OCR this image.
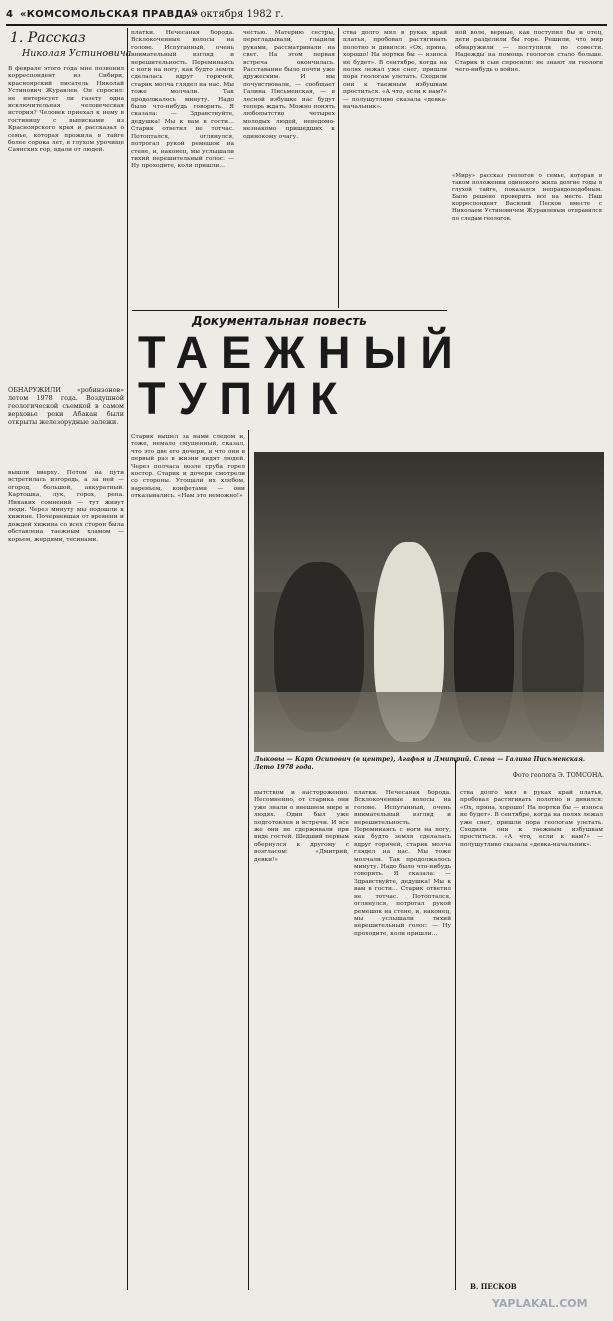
4 «КОМСОМОЛЬСКАЯ ПРАВДА»
9 октября 1982 г.
1. Рассказ
Николая Устиновича
В феврале этого года мне позвонил корреспондент из Сибири, красноярский писатель Николай Устинович Журавлев. Он спросил: не интересует ли газету одна исключительная человеческая история? Человек приехал к нему в гостиницу с выписками из Красноярского края и рассказал о семье, которая прожила в тайге более сорока лет, в глухом урочище Саянских гор, вдали от людей.
платки. Нечесаная борода. Всклокоченные волосы на голове. Испуганный, очень внимательный взгляд и нерешительность. Переминаясь с ноги на ногу, как будто земля сделалась вдруг горячей, старик молча глядел на нас. Мы тоже молчали. Так продолжалось минуту. Надо было что-нибудь говорить. Я сказала: — Здравствуйте, дедушка! Мы к вам в гости… Старик ответил не тотчас. Потоптался, оглянулся, потрогал рукой ремешок на стене, и, наконец, мы услышали тихий нерешительный голос: — Ну проходите, коли пришли…
честью. Материю сестры, перегладывали, гладили руками, рассматривали на свет. На этом первая встреча окончилась. Расставание было почти уже дружеским. И мы почувствовали, — сообщает Галина Письменская, — в лесной избушке нас будут теперь ждать. Можно понять любопытство четырех молодых людей, неведомо-незнакомо пришедших к одинокому очагу.
ства долго мял в руках край платья, пробовал растягивать полотно и дивился: «Ох, пряна, хорошо! На портки бы — износа не будет». В сентябре, когда на полях лежал уже снег, пришли пора геологам улетать. Сходили они к таежным избушкам проститься. «А что, если к нам?» — полушутливо сказала «девка-начальник».
ной воле, верные, как поступил бы и отец, дети разделили бы горе. Решили, что мир обнаружили — поступили по совести. Надежды на помощь геологов стало больше. Старик и сын спросили: не знают ли геологи чего-нибудь о войне.
«Миру» рассказ геологов о семье, которая в таком положении одинокого жила долгие годы в глухой тайге, показался неправдоподобным. Было решено проверить все на месте. Наш корреспондент Василий Песков вместе с Николаем Устиновичем Журавлевым отправился по следам геологов.
Документальная повесть
ТАЕЖНЫЙ
ТУПИК
ОБНАРУЖИЛИ «робинзонов» летом 1978 года. Воздушной геологической съемкой в самом верховье реки Абакан были открыты железорудные залежи.
вышли вверху. Потом на пути встретилась изгородь, а за ней — огород, большой, аккуратный. Картошка, лук, горох, репа. Никаких сомнений — тут живут люди. Через минуту мы подошли к хижине. Почерневшая от времени и дождей хижина со всех сторон была обставлена таежным хламом — корьем, жердями, тесинами.
Старик вышел за нами следом и, тоже, немало смущенный, сказал, что это две его дочери, и что они в первый раз в жизни видят людей. Через полчаса возле сруба горел костер. Старик и дочери смотрели со стороны. Угощали их хлебом, вареньем, конфетами — они отказывались. «Нам это неможно!»
Лыковы — Карп Осипович (в центре), Агафья и Дмитрий. Слева — Галина Письменская. Лето 1978 года.
Фото геолога Э. ТОМСОНА.
пытством и настороженно. Несомненно, от старика они уже знали о внешнем мире и людях. Один был уже подготовлен и встречи. И все же они не сдерживали при виде гостей. Шедший первым обернулся к другому с возгласом: «Дмитрий, девки!»
платки. Нечесаная борода. Всклокоченные волосы на голове. Испуганный, очень внимательный взгляд и нерешительность. Переминаясь с ноги на ногу, как будто земля сделалась вдруг горячей, старик молча глядел на нас. Мы тоже молчали. Так продолжалось минуту. Надо было что-нибудь говорить. Я сказала: — Здравствуйте, дедушка! Мы к вам в гости… Старик ответил не тотчас. Потоптался, оглянулся, потрогал рукой ремешок на стене, и, наконец, мы услышали тихий нерешительный голос: — Ну проходите, коли пришли…
ства долго мял в руках край платья, пробовал растягивать полотно и дивился: «Ох, пряна, хорошо! На портки бы — износа не будет». В сентябре, когда на полях лежал уже снег, пришли пора геологам улетать. Сходили они к таежным избушкам проститься. «А что, если к нам?» — полушутливо сказала «девка-начальник».
В. ПЕСКОВ
YAPLAKAL.COM
